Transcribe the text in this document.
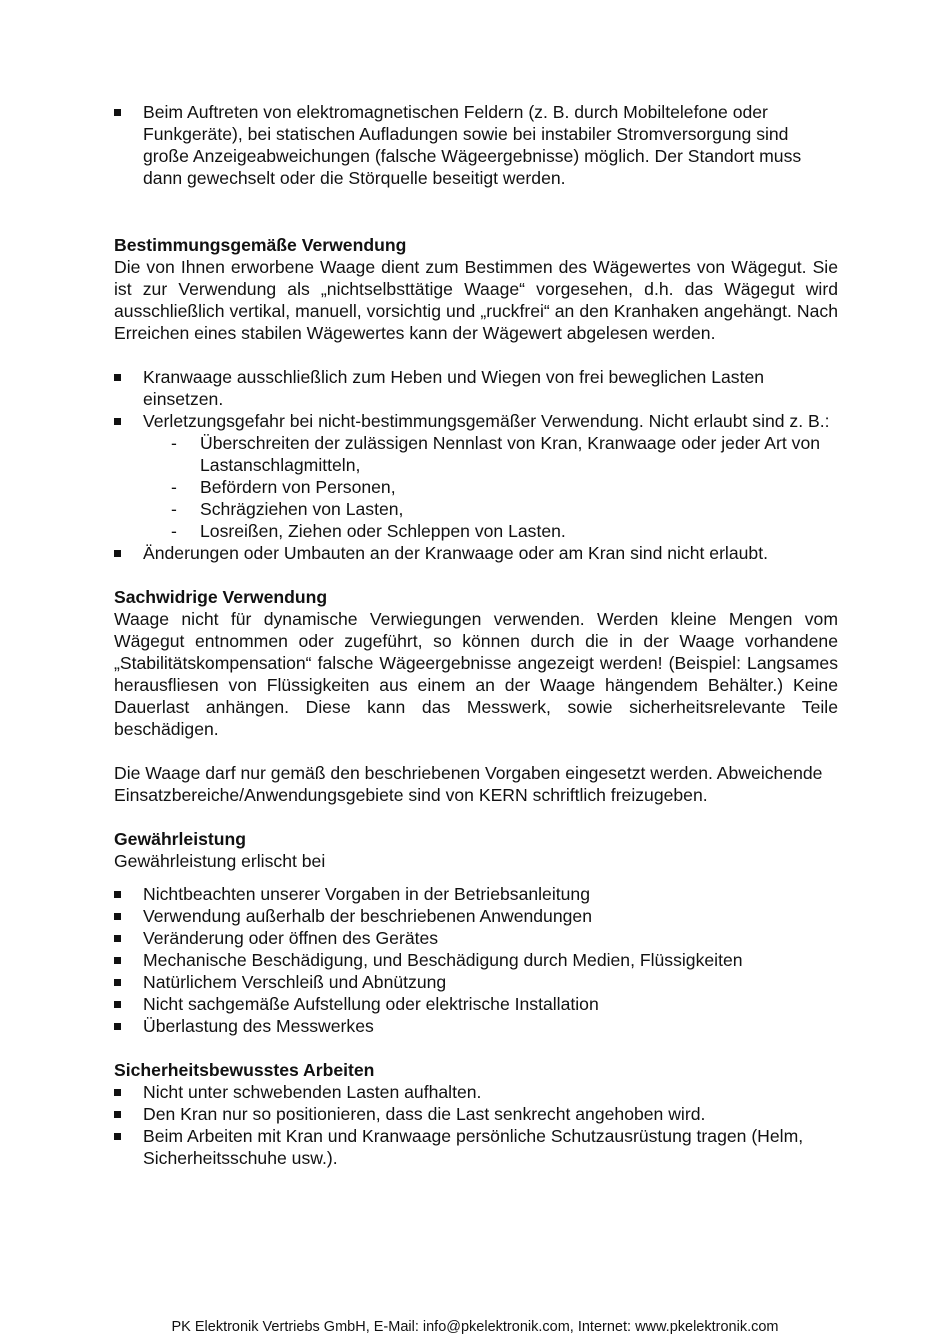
Beim Auftreten von elektromagnetischen Feldern (z. B. durch Mobiltelefone oder Funkgeräte), bei statischen Aufladungen sowie bei instabiler Stromversorgung sind große Anzeigeabweichungen (falsche Wägeergebnisse) möglich. Der Standort muss dann gewechselt oder die Störquelle beseitigt werden.
Bestimmungsgemäße Verwendung

Die von Ihnen erworbene Waage dient zum Bestimmen des Wägewertes von Wägegut. Sie ist zur Verwendung als „nichtselbsttätige Waage“ vorgesehen, d.h. das Wägegut wird ausschließlich vertikal, manuell, vorsichtig und „ruckfrei“ an den Kranhaken angehängt. Nach Erreichen eines stabilen Wägewertes kann der Wägewert abgelesen werden.

Kranwaage ausschließlich zum Heben und Wiegen von frei beweglichen Lasten einsetzen.
Verletzungsgefahr bei nicht-bestimmungsgemäßer Verwendung. Nicht erlaubt sind z. B.:
- Überschreiten der zulässigen Nennlast von Kran, Kranwaage oder jeder Art von Lastanschlagmitteln,
- Befördern von Personen,
- Schrägziehen von Lasten,
- Losreißen, Ziehen oder Schleppen von Lasten.
Änderungen oder Umbauten an der Kranwaage oder am Kran sind nicht erlaubt.
Sachwidrige Verwendung

Waage nicht für dynamische Verwiegungen verwenden. Werden kleine Mengen vom Wägegut entnommen oder zugeführt, so können durch die in der Waage vorhandene „Stabilitätskompensation“ falsche Wägeergebnisse angezeigt werden! (Beispiel: Langsames herausfliesen von Flüssigkeiten aus einem an der Waage hängendem Behälter.) Keine Dauerlast anhängen. Diese kann das Messwerk, sowie sicherheitsrelevante Teile beschädigen.

Die Waage darf nur gemäß den beschriebenen Vorgaben eingesetzt werden. Abweichende Einsatzbereiche/Anwendungsgebiete sind von KERN schriftlich freizugeben.

Gewährleistung

Gewährleistung erlischt bei

Nichtbeachten unserer Vorgaben in der Betriebsanleitung
Verwendung außerhalb der beschriebenen Anwendungen
Veränderung oder öffnen des Gerätes
Mechanische Beschädigung, und Beschädigung durch Medien, Flüssigkeiten
Natürlichem Verschleiß und Abnützung
Nicht sachgemäße Aufstellung oder elektrische Installation
Überlastung des Messwerkes
Sicherheitsbewusstes Arbeiten
Nicht unter schwebenden Lasten aufhalten.
Den Kran nur so positionieren, dass die Last senkrecht angehoben wird.
Beim Arbeiten mit Kran und Kranwaage persönliche Schutzausrüstung tragen (Helm, Sicherheitsschuhe usw.).
PK Elektronik Vertriebs GmbH, E-Mail: info@pkelektronik.com, Internet: www.pkelektronik.com
